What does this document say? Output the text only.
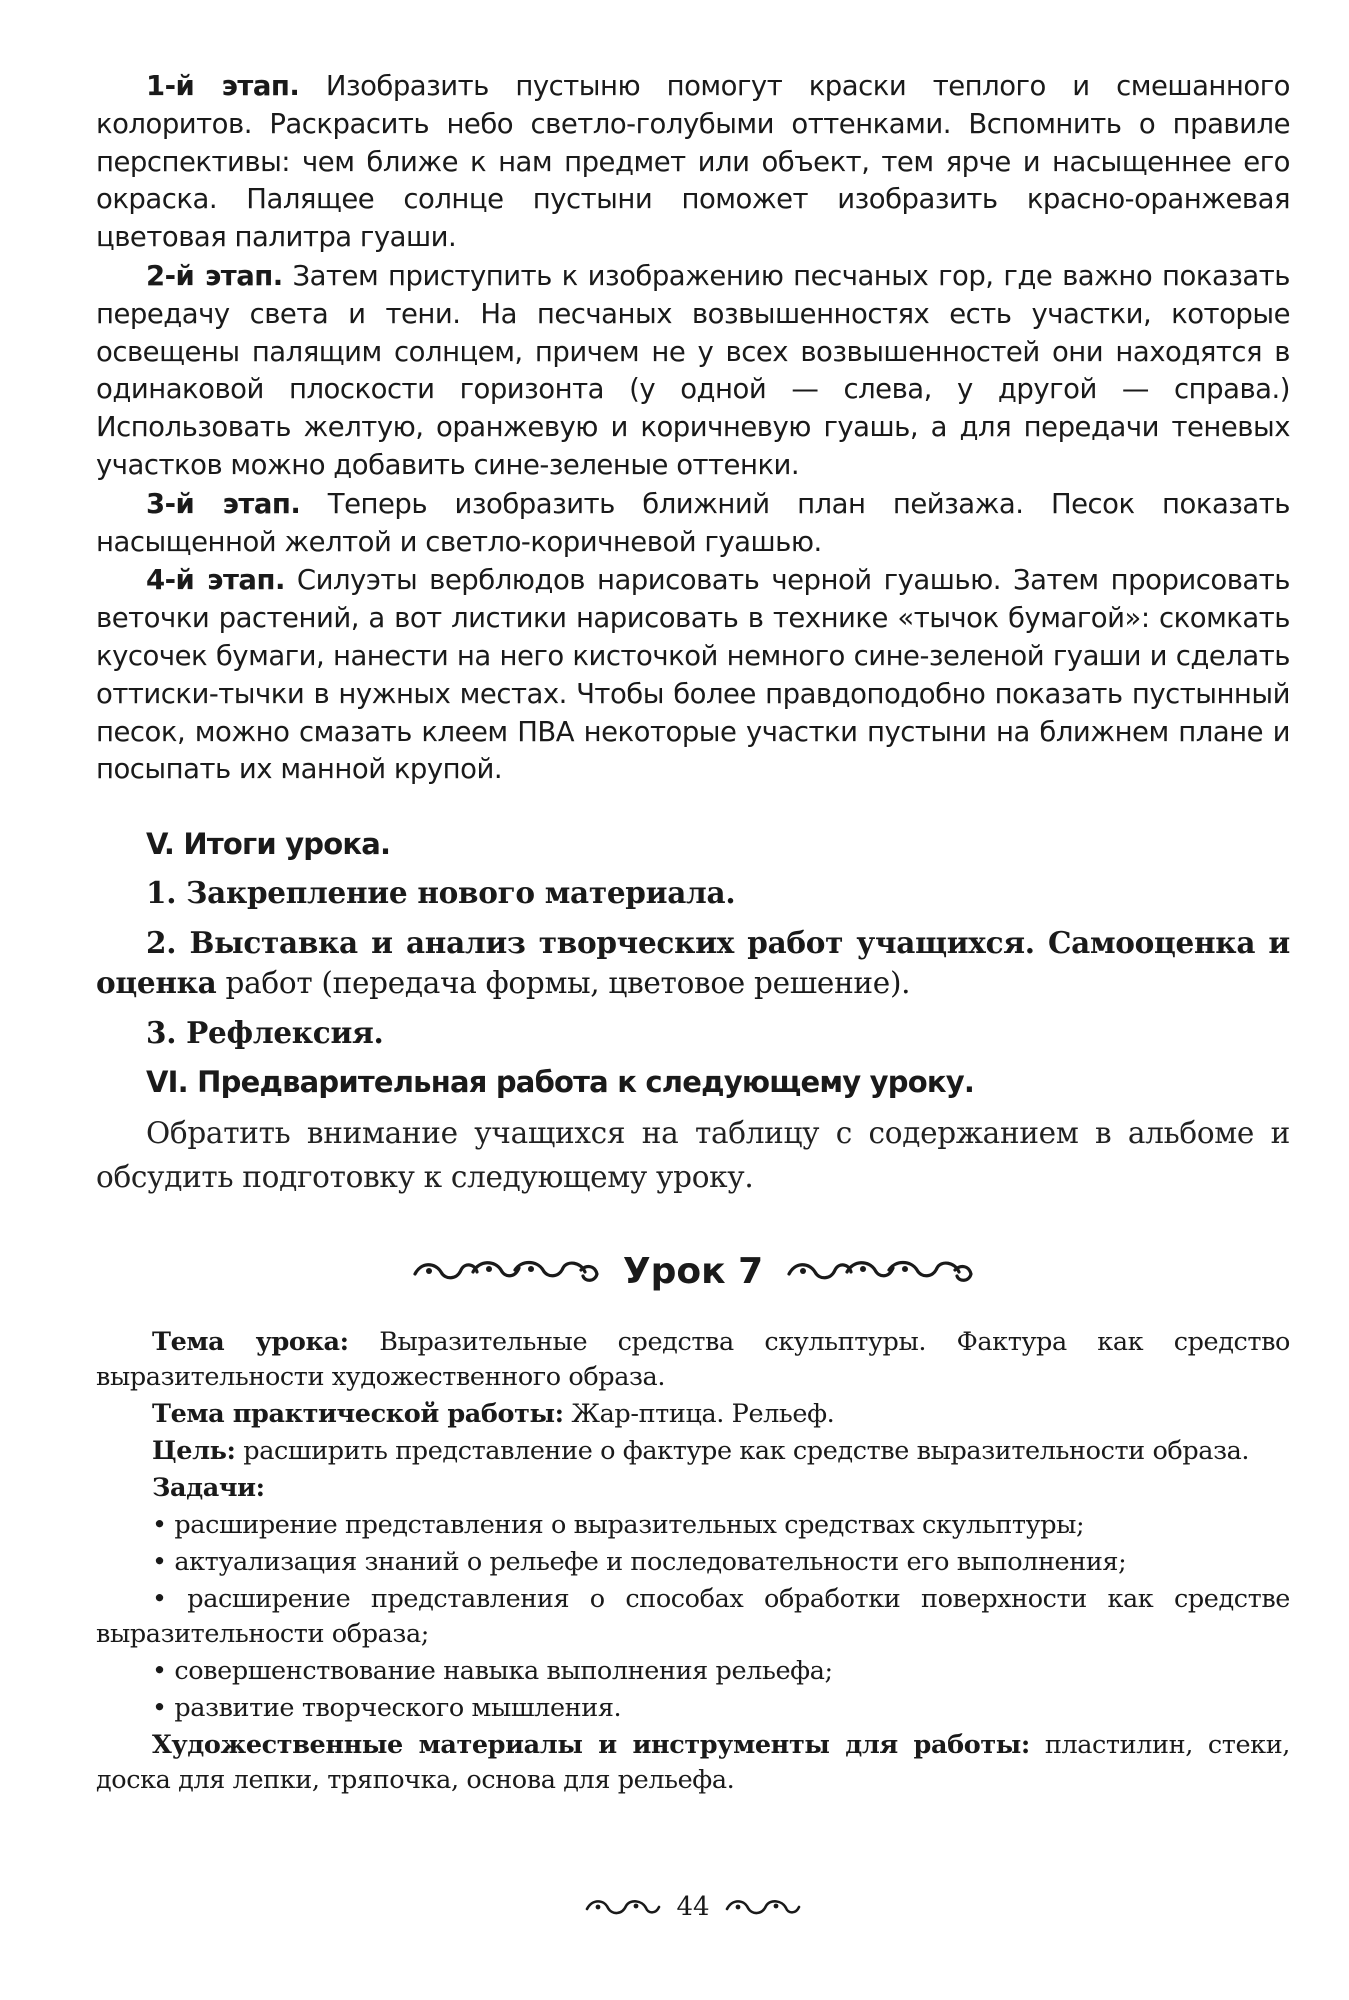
1-й этап. Изобразить пустыню помогут краски теплого и смешанного колоритов. Раскрасить небо светло-голубыми оттенками. Вспомнить о правиле перспективы: чем ближе к нам предмет или объект, тем ярче и насыщеннее его окраска. Палящее солнце пустыни поможет изобразить красно-оранжевая цветовая палитра гуаши.

2-й этап. Затем приступить к изображению песчаных гор, где важно показать передачу света и тени. На песчаных возвышенностях есть участки, которые освещены палящим солнцем, причем не у всех возвышенностей они находятся в одинаковой плоскости горизонта (у одной — слева, у другой — справа.) Использовать желтую, оранжевую и коричневую гуашь, а для передачи теневых участков можно добавить сине-зеленые оттенки.

3-й этап. Теперь изобразить ближний план пейзажа. Песок показать насыщенной желтой и светло-коричневой гуашью.

4-й этап. Силуэты верблюдов нарисовать черной гуашью. Затем прорисовать веточки растений, а вот листики нарисовать в технике «тычок бумагой»: скомкать кусочек бумаги, нанести на него кисточкой немного сине-зеленой гуаши и сделать оттиски-тычки в нужных местах. Чтобы более правдоподобно показать пустынный песок, можно смазать клеем ПВА некоторые участки пустыни на ближнем плане и посыпать их манной крупой.

V. Итоги урока.

1. Закрепление нового материала.

2. Выставка и анализ творческих работ учащихся. Самооценка и оценка работ (передача формы, цветовое решение).

3. Рефлексия.

VI. Предварительная работа к следующему уроку.

Обратить внимание учащихся на таблицу с содержанием в альбоме и обсудить подготовку к следующему уроку.

Урок 7

Тема урока: Выразительные средства скульптуры. Фактура как средство выразительности художественного образа.

Тема практической работы: Жар-птица. Рельеф.

Цель: расширить представление о фактуре как средстве выразительности образа.

Задачи:

• расширение представления о выразительных средствах скульптуры;

• актуализация знаний о рельефе и последовательности его выполнения;

• расширение представления о способах обработки поверхности как средстве выразительности образа;

• совершенствование навыка выполнения рельефа;

• развитие творческого мышления.

Художественные материалы и инструменты для работы: пластилин, стеки, доска для лепки, тряпочка, основа для рельефа.

44
